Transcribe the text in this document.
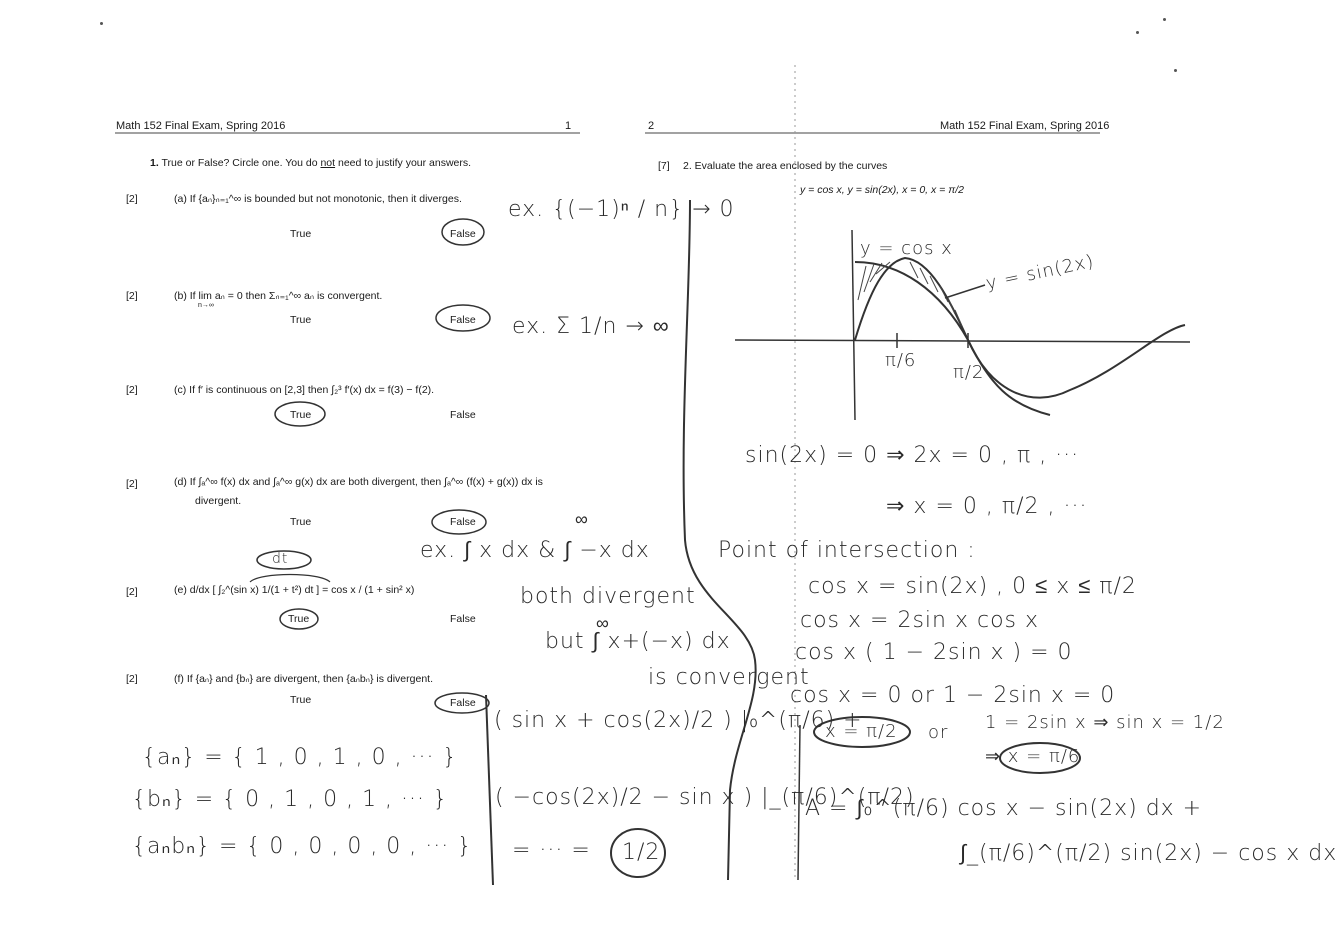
Math 152 Final Exam, Spring 2016	1
1. True or False? Circle one. You do not need to justify your answers.
[2]	(a) If {aₙ}ₙ₌₁^∞ is bounded but not monotonic, then it diverges.
True	False
[2]	(b) If lim aₙ = 0 then Σₙ₌₁^∞ aₙ is convergent.
n→∞
True	False
[2]	(c) If f′ is continuous on [2,3] then ∫₂³ f′(x) dx = f(3) − f(2).
True	False
[2]	(d) If ∫ₐ^∞ f(x) dx and ∫ₐ^∞ g(x) dx are both divergent, then ∫ₐ^∞ (f(x) + g(x)) dx is
divergent.
True	False
[2]	(e) d/dx [ ∫₂^(sin x) 1/(1 + t²) dt ] = cos x / (1 + sin² x)
True	False
[2]	(f) If {aₙ} and {bₙ} are divergent, then {aₙbₙ} is divergent.
True	False
ex. {(−1)ⁿ / n} → 0
ex. Σ 1/n → ∞
dt
∞
ex. ∫ x dx & ∫ −x dx
both divergent
∞
but ∫ x+(−x) dx
is convergent
{aₙ} = { 1 , 0 , 1 , 0 , ··· }
{bₙ} = { 0 , 1 , 0 , 1 , ··· }
{aₙbₙ} = { 0 , 0 , 0 , 0 , ··· }
( sin x + cos(2x)/2 ) |₀^(π/6) +
( −cos(2x)/2 − sin x ) |_(π/6)^(π/2)
= ··· = 1/2
2	Math 152 Final Exam, Spring 2016
[7] 2. Evaluate the area enclosed by the curves
y = cos x, y = sin(2x), x = 0, x = π/2
y = cos x
y = sin(2x)
π/6
π/2
sin(2x) = 0 ⇒ 2x = 0 , π , ···
⇒ x = 0 , π/2 , ···
Point of intersection :
cos x = sin(2x) , 0 ≤ x ≤ π/2
cos x = 2sin x cos x
cos x ( 1 − 2sin x ) = 0
cos x = 0 or 1 − 2sin x = 0
x = π/2 or 1 = 2sin x ⇒ sin x = 1/2
⇒ x = π/6
A = ∫₀^(π/6) cos x − sin(2x) dx +
∫_(π/6)^(π/2) sin(2x) − cos x dx
